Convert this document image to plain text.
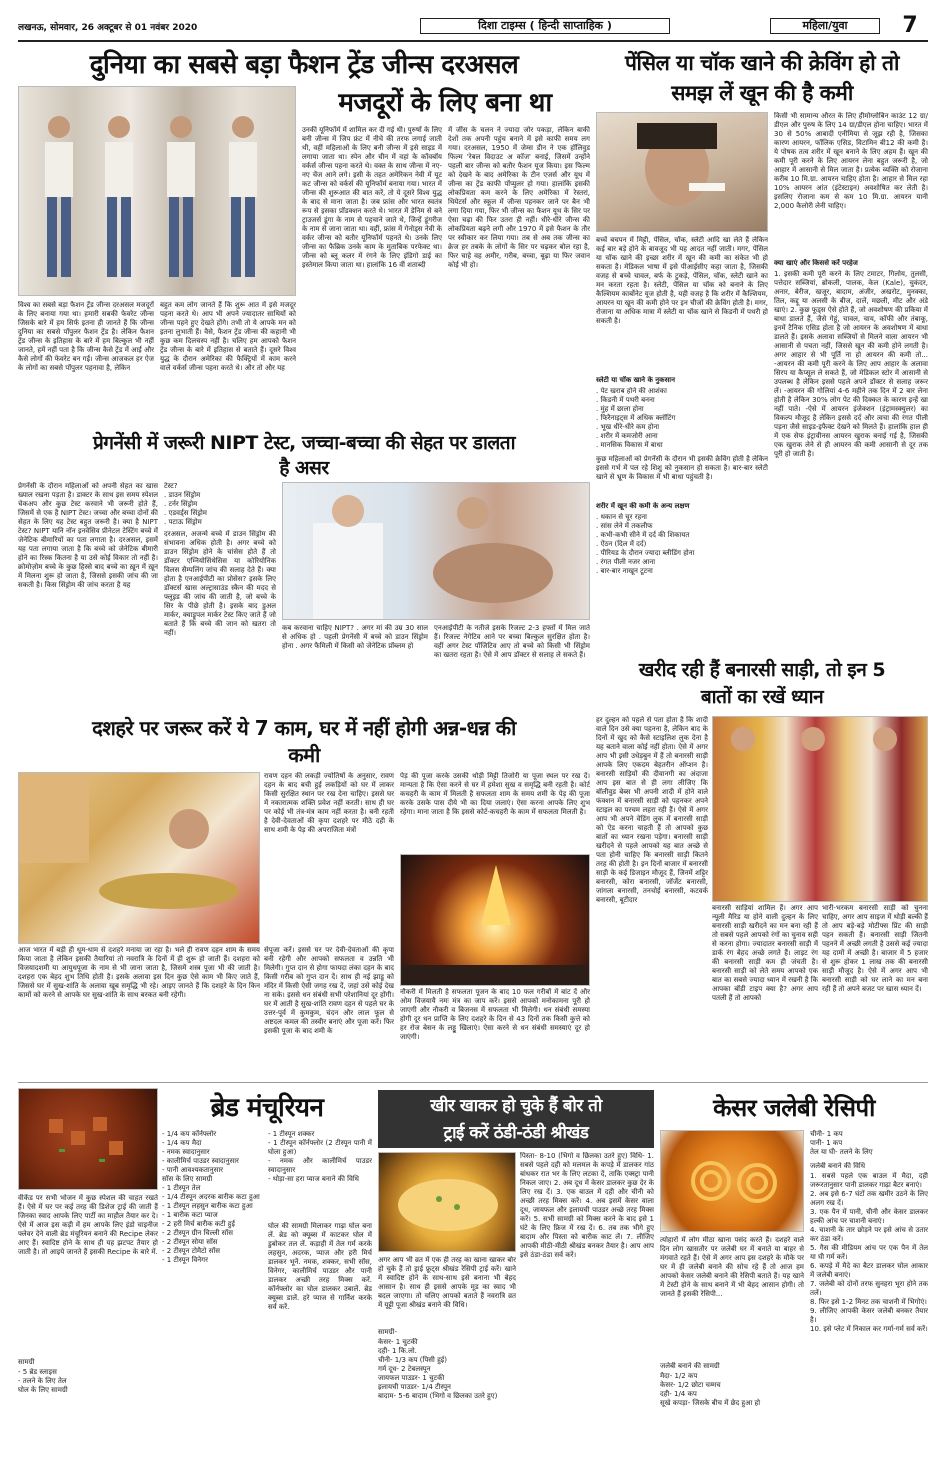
लखनऊ, सोमवार, 26 अक्टूबर से 01 नवंबर 2020	दिशा टाइम्स ( हिन्दी साप्ताहिक )	महिला/युवा	7
दुनिया का सबसे बड़ा फैशन ट्रेंड जीन्स दरअसल
मजदूरों के लिए बना था
विश्व का सबसे बड़ा फैशन ट्रेंड जीन्स दरअसल मजदूरों के लिए बनाया गया था। हमारी सबकी फेवरेट जीन्स जिसके बारे में हम सिर्फ इतना ही जानते हैं कि जीन्स दुनिया का सबसे पॉपुलर फैशन ट्रेंड है। लेकिन फैशन ट्रेंड जीन्स के इतिहास के बारे में हम बिल्कुल भी नहीं जानते, हमें नहीं पता है कि जीन्स कैसे ट्रेंड में आई और कैसे लोगों की फेवरेट बन गई। जीन्स आजकल हर ऐज के लोगों का सबसे पॉपुलर पहनावा है, लेकिन
बहुत कम लोग जानते हैं कि शुरू आत में इसे मजदूर पहना करते थे। आप भी अपने ज्यादातर साथियों को जीन्स पहने हुए देखते होंगे। तभी तो ये आपके मन को इतना लुभाती हैं। वैसे, फैशन ट्रेंड जीन्स की कहानी भी कुछ कम दिलचस्प नहीं है। चलिए हम आपको फैशन ट्रेंड जीन्स के बारे में इतिहास से बताते हैं। दूसरे विश्व युद्ध के दौरान अमेरिका की फैक्ट्रियों में काम करने वाले वर्कर्स जीन्स पहना करते थे। और तो और यह
उनकी यूनिफॉर्म में शामिल कर दी गई थी। पुरुषों के लिए बनी जीन्स में जिप फ्रंट में नीचे की तरफ लगाई जाती थी, वहीं महिलाओं के लिए बनी जीन्स में इसे साइड में लगाया जाता था। स्पेन और चीन में वहां के कॉवबॉय वर्कर्स जीन्स पहना करते थे। वक्त के साथ जीन्स में नए-नए चेंज आने लगे। इसी के तहत अमेरिकन नेवी में यूट कट जीन्स को वर्कर्स की यूनिफॉर्म बनाया गया। भारत में जीन्स की शुरूआत की बात करें, तो ये दूसरे विश्व युद्ध के बाद से माना जाता है। जब फ्रांस और भारत स्वतंत्र रूप से इसका प्रॉडक्शन करते थे। भारत में डेनिम से बने ट्राउजर्स डूंगा के नाम से पहचाने जाते थे, जिन्हें डूंगरीज के नाम से जाना जाता था। वहीं, फ्रांस में गेनोड्स नेवी के वर्कर जीन्स को बतौर यूनिफॉर्म पहनते थे। उनके लिए जीन्स का फैब्रिक उनके काम के मुताबिक परफेक्ट था। जीन्स को ब्लू कलर में रंगने के लिए इंडिगो डाई का इस्तेमाल किया जाता था। हालांकि 16 वीं शताब्दी
में जींस के चलन ने ज्यादा जोर पकड़ा, लेकिन बाकी देशों तक अपनी पहुंच बनाने में इसे काफी समय लग गया। दरअसल, 1950 में जेम्स डीन ने एक हॉलिवुड फिल्म 'रेबल विदाउट अ कॉज' बनाई, जिसमें उन्होंने पहली बार जीन्स को बतौर फैशन यूज किया। इस फिल्म को देखने के बाद अमेरिका के टीन एजर्स और यूथ में जीन्स का ट्रेंड काफी पॉप्युलर हो गया। हालांकि इसकी लोकप्रियता कम करने के लिए अमेरिका में रेस्तरां, थियेटर्स और स्कूल में जीन्स पहनकर जाने पर बैन भी लगा दिया गया, फिर भी जीन्स का फैशन यूथ के सिर पर ऐसा चढ़ा की फिर उतरा ही नहीं। धीरे-धीरे जीन्स की लोकप्रियता बढ़ने लगी और 1970 में इसे फैशन के तौर पर स्वीकार कर लिया गया। तब से अब तक जीन्स का क्रेज हर तबके के लोगों के सिर पर चढ़कर बोल रहा है, फिर चाहे वह अमीर, गरीब, बच्चा, बूढ़ा या फिर जवान कोई भी हो।
पेंसिल या चॉक खाने की क्रेविंग हो तो
समझ लें खून की है कमी
बच्चें बचपन में मिट्टी, पेंसिल, चॉक, स्लेटी आदि खा लेते हैं लेकिन कई बार बड़े होने के बावजूद भी यह आदत नहीं जाती। मगर, पेंसिल या चॉक खाने की इच्छा शरीर में खून की कमी का संकेत भी हो सकता है। मेडिकल भाषा में इसे पीआईसीए कहा जाता है, जिसकी वजह से बच्चे चावल, बर्फ के टुकड़े, पेंसिल, चॉक, स्लेटी खाने का मन करता रहता है। स्लेटी, पेंसिल या चॉक को बनाने के लिए कैल्शियम कार्बोनेट यूज होती है, यही वजह है कि शरीर में कैल्शियम, आयरन या खून की कमी होने पर इन चीजों की क्रेविंग होती है। मगर, रोजाना या अधिक मात्रा में स्लेटी या चॉक खाने से किडनी में पथरी हो सकती है।
स्लेटी या चॉक खाने के नुकसान
. पेट खराब होने की आशंका
. किडनी में पथरी बनना
. मुंह में छाला होना
. फिरैनाइट्स में अधिक क्लॉटिंग
. भूख धीरे-धीरे कम होना
. शरीर में कमजोरी आना
. मानसिक विकास में बाधा
कुछ महिलाओं को प्रेगनेंसी के दौरान भी इसकी क्रेविंग होती है लेकिन इससे गर्भ में पल रहे शिशु को नुकसान हो सकता है। बार-बार स्लेटी खाने से भ्रूण के विकास में भी बाधा पहुंचती है।
शरीर में खून की कमी के अन्य लक्षण
. थकान से चूर रहना
. सांस लेने में तकलीफ
. कभी-कभी सीने में दर्द की शिकायत
. ऐंठन (दिल में दर्द)
. पीरियड के दौरान ज्यादा ब्लीडिंग होना
. रंगत पीली नजर आना
. बार-बार नाखून टूटना
किसी भी सामान्य औरत के लिए हीमोग्लोबिन काउंट 12 ग्रा/डीएल और पुरुष के लिए 14 ग्रा/डीएल होना चाहिए। भारत में 30 से 50% आबादी एनीमिया से जूझ रही है, जिसका कारण आयरन, फॉलिक एसिड, विटामिन बी12 की कमी है। ये पोषक तत्व शरीर में खून बनाने के लिए अहम हैं। खून की कमी पूरी करने के लिए आयरन लेना बहुत जरूरी है, जो आहार में आसानी से मिल जाता है। प्रत्येक व्यक्ति को रोजाना करीब 10 मि.ग्रा. आयरन चाहिए होता है। आहार से मिल रहा 10% आयरन आंत (इंटेस्टाइन) अवशोषित कर लेती है। इसलिए रोजाना कम से कम 10 मि.ग्रा. आयरन यानी 2,000 कैलोरी लेनी चाहिए।
क्या खाएं और किससे करें परहेज
1. इसकी कमी पूरी करने के लिए टमाटर, गिलोय, तुलसी, पत्तेदार सब्जियां, ब्रोकली, पालक, केल (Kale), चुकंदर, अनार, बेरीज, खजूर, बादाम, अंजीर, अखरोट, मुनक्का, तिल, कद्दू या अलसी के बीज, दालें, मछली, मीट और अंडे खाएं। 2. कुछ फूड्स ऐसे होते हैं, जो अवशोषण की प्रकिया में बाधा डालते हैं, जैसे गेहूं, चावल, चाय, कॉफी और तंबाकू, इनमें टैनिक एसिड होता है जो आयरन के अवशोषण में बाधा डालते हैं। इसके अलावा सब्जियों से मिलने वाला आयरन भी आसानी से पचता नहीं, जिससे खून की कमी होने लगती है। अगर आहार से भी पूर्ति ना हो आयरन की कमी तो... -आयरन की कमी पूरी करने के लिए आप आहार के अलावा सिरप या कैप्सूल ले सकते हैं, जो मेडिकल स्टोर में आसानी से उपलब्ध है लेकिन इससे पहले अपने डॉक्टर से सलाह जरूर लें। -आयरन की गोलियां 4-6 महीने तक दिन में 2 बार लेना होती है लेकिन 30% लोग पेट की दिक्कत के कारण इन्हें खा नहीं पाते। -ऐसे में आयरन इंजेक्शन (इंट्रामस्क्युलर) का विकल्प मौजूद है लेकिन इससे दर्द और त्वचा की रंगत पीली पड़ना जैसे साइड-इफैक्ट देखने को मिलते हैं। हालांकि हाल ही में एक सेफ इंट्रावीनस आयरन खुराक बनाई गई है, जिसकी एक खुराक लेने से ही आयरन की कमी आसानी से दूर तक पूरी हो जाती है।
प्रेगनेंसी में जरूरी NIPT टेस्ट, जच्चा-बच्चा की सेहत पर डालता
है असर
प्रेगनेंसी के दौरान महिलाओं को अपनी सेहत का खास ख्याल रखना पड़ता है। डाक्टर के साथ इस समय स्पेशल चेकअप और कुछ टेस्ट करवाने भी जरूरी होते हैं, जिसमें से एक है NIPT टेस्ट। जच्चा और बच्चा दोनों की सेहत के लिए यह टेस्ट बहुत जरूरी है। क्या है NIPT टेस्ट? NIPT यानि नॉन इनवेसिव प्रीनेटल टेस्टिंग बच्चे में जेनेटिक बीमारियों का पता लगाता है। दरअसल, इसमें यह पता लगाया जाता है कि बच्चे को जेनेटिक बीमारी होने का रिस्क कितना है या उसे कोई विकार तो नहीं है। क्रोमोज़ोम बच्चे के कुछ हिस्से बाद बच्चे का ख़ून में ख़ून में मिलना शुरू हो जाता है, जिससे इसकी जांच की जा सकती है। किस सिंड्रोम की जांच करता है यह
टेस्ट?
. डाउन सिंड्रोम
. टर्नर सिंड्रोम
. एडवर्ड्स सिंड्रोम
. पटाऊ सिंड्रोम
दरअसल, अजन्मे बच्चे में डाउन सिंड्रोम की संभावना अधिक होती है। अगर बच्चे को डाउन सिंड्रोम होने के चांसेस होते हैं तो डॉक्टर एम्नियोसिंथेसिस या कोरियोनिक विलस सैम्पलिंग जांच की सलाह देते हैं। क्या होता है एनआईपीटी का प्रोसेस? इसके लिए डॉक्टर्स खास अल्ट्रासाउंड स्कैन की मदद से फ्लूइड की जांच की जाती है, जो बच्चे के सिर के पीछे होती है। इसके बाद डुअल मार्कर, क्वाड्रूपल मार्कर टेस्ट किए जाते हैं जो बताते हैं कि बच्चे की जान को खतरा तो नहीं।
कब करवाना चाहिए NIPT? . अगर मां की उम्र 30 साल से अधिक हो . पहली प्रेगनेंसी में बच्चे को डाउन सिंड्रोम होना . अगर फैमिली में किसी को जेनेटिक प्रॉब्लम हो
एनआईपीटी के नतीजे इसके रिजल्ट 2-3 हफ्तों में मिल जाते हैं। रिजल्ट नेगेटिव आने पर बच्चा बिल्कुल सुरक्षित होता है। वहीं अगर टेस्ट पॉजिटिव आए तो बच्चे को किसी भी सिंड्रोम का खतरा रहता है। ऐसे में आप डॉक्टर से सलाह ले सकते हैं।
खरीद रही हैं बनारसी साड़ी, तो इन 5
बातों का रखें ध्यान
हर दुल्हन को पहले से पता होता है कि शादी वाले दिन उसे क्या पहनना है, लेकिन बाद के दिनों में खुद को कैसे स्टाइलिश लुक देना है यह बताने वाला कोई नहीं होता। ऐसे में अगर आप भी इसी उधेड़बुन में हैं तो बनारसी साड़ी आपके लिए एकदम बेहतरीन ऑप्शन है। बनारसी साड़ियों की दीवानगी का अंदाजा आप इस बात से ही लगा लीजिए कि बॉलीवुड बेब्स भी अपनी शादी में होने वाले फंक्शन में बनारसी साड़ी को पहनकर अपने स्टाइल का परचम लहरा रही हैं। ऐसे में अगर आप भी अपने वेडिंग लुक में बनारसी साड़ी को ऐड करना चाहती हैं तो आपको कुछ बातों का ध्यान रखना पड़ेगा। बनारसी साड़ी खरीदने से पहले आपको यह बात अच्छे से पता होनी चाहिए कि बनारसी साड़ी कितने तरह की होती है। इन दिनों बाजार में बनारसी साड़ी के कई डिजाइन मौजूद हैं, जिनमें शट्टिर बनारसी, कोरा बनारसी, जॉर्जेट बनारसी, जांगला बनारसी, तनचोई बनारसी, कटवर्क बनारसी, बूटीदार
बनारसी साड़ियां शामिल हैं। अगर आप न्यूली मैरिड या होने वाली दुल्हन के लिए बनारसी साड़ी खरीदने का मन बना रही हैं तो सबसे पहले आपको रंगों का चुनाव सही से करना होगा। ज्यादातर बनारसी साड़ी में डार्क रंग बेहद अच्छे लगते हैं। लाइट रंग की बनारसी साड़ी कम ही जंचती है। बनारसी साड़ी को लेते समय आपको एक बात का सबसे ज्यादा ध्यान में रखनी है कि आपका बॉडी टाइप क्या है? अगर आप पतली हैं तो आपको
भारी-भरकम बनारसी साड़ी को चुनना चाहिए, अगर आप साइज में थोड़ी बल्की हैं तो आप बड़े-बड़े मोटीफ्स प्रिंट की साड़ी पहन सकती हैं। बनारसी साड़ी जितनी पहनने में अच्छी लगती है उससे कई ज्यादा यह दामों में अच्छी है। बाजार में 5 हजार से शुरू होकर 1 लाख तक की बनारसी साड़ी मौजूद है। ऐसे में अगर आप भी बनारसी साड़ी को घर लाने का मन बना रही हैं तो अपने बजट पर खास ध्यान दें।
दशहरे पर जरूर करें ये 7 काम, घर में नहीं होगी अन्न-धन्न की
कमी
रावण दहन की लकड़ी ज्योतिषों के अनुसार, रावण दहन के बाद बची हुई लकड़ियों को घर में लाकर किसी सुरक्षित स्थान पर रख देना चाहिए। इससे घर में नकारात्मक शक्ति प्रवेश नहीं करती। साथ ही घर पर कोई भी तंत्र-मंत्र काम नहीं करता है। बनी रहती है देवी-देवताओं की कृपा दशहरे पर मीठे दही के साथ शमी के पेड़ की अपराजिता मंत्रों
आज भारत में बड़ी ही धूम-धाम से दशहरे मनाया जा रहा है। भले ही रावण दहन शाम के समय किया जाता है लेकिन इसकी तैयारियां तो नवरात्रि के दिनों में ही शुरू हो जाती हैं। दशहरा को विजयादशमी या आयुधपूजा के नाम से भी जाना जाता है, जिसमें शस्त्र पूजा भी की जाती है। दशहरा एक बेहद शुभ तिथि होती है। इसके अलावा इस दिन कुछ ऐसे काम भी किए जाते हैं, जिससे घर में सुख-शांति के अलावा खूब समृद्धि भी रहे। आइए जानते हैं कि दशहरे के दिन किन कामों को करने से आपके घर सुख-शांति के साथ बरकत बनी रहेगी।
सेपूजा करें। इससे घर पर देवी-देवताओं की कृपा बनी रहेगी और आपको सफलता व उन्नति भी मिलेगी। गुप्त दान से होगा फायदा लंका दहन के बाद किसी गरीब को गुप्त दान दें। साथ ही नई झाडू को मंदिर में किसी ऐसी जगह रख दें, जहां उसे कोई देख ना सके। इससे धन संबंधी सभी परेशानियां दूर होंगी। घर में आती है सुख-शांति रावण दहन से पहले घर के उत्तर-पूर्व में कुमकुम, चंदन और लाल फूल से अष्टदल कमल की तस्वीर बनाएं और पूजा करें। फिर इसकी पूजा के बाद शमी के
पेड़ की पूजा करके उसकी थोड़ी मिट्टी तिजोरी या पूजा स्थल पर रख दें। मान्यता है कि ऐसा करने से घर में हमेशा सुख व समृद्धि बनी रहती है। कोर्ट कचहरी के काम में मिलती है सफलता शाम के समय शमी के पेड़ की पूजा करके उसके पास दीये भी का दिया जलाएं। ऐसा करना आपके लिए शुभ रहेगा। माना जाता है कि इससे कोर्ट-कचहरी के काम में सफलता मिलती है।
नौकरी में मिलती है सफलता पूजन के बाद 10 फल गरीबों में बांट दें और ओम विजयायै नमः मंत्र का जाप करें। इससे आपको मनोकामना पूरी हो जाएगी और नौकरी व बिजनस में सफलता भी मिलेगी। धन संबंधी समस्या होगी दूर धन प्राप्ति के लिए दशहरे के दिन से 43 दिनों तक किसी कुत्ते को हर रोज बेसन के लड्डू खिलाएं। ऐसा करने से धन संबंधी समस्याएं दूर हो जाएंगी।
ब्रेड मंचूरियन
वीकेंड पर सभी भोजन में कुछ स्पेशल की चाहत रखते हैं। ऐसे में घर पर कई तरह की डिशेज ट्राई की जाती हैं जिनका स्वाद आपके लिए पार्टी का माहौल तैयार कर दे। ऐसे में आज इस कड़ी में हम आपके लिए इंडो चाइनीज फ्लेवर देने वाली ब्रेड मंचूरियन बनाने की Recipe लेकर आए हैं। स्वादिष्ट होने के साथ ही यह झटपट तैयार हो जाती है। तो आइये जानते हैं इसकी Recipe के बारे में.
सामग्री
- 5 ब्रेड स्लाइस
- तलने के लिए तेल
घोल के लिए सामग्री
- 1/4 कप कॉर्नफ्लोर
- 1/4 कप मैदा
- नमक स्वादानुसार
- कालीमिर्च पाउडर स्वादानुसार
- पानी आवश्यकतानुसार
सॉस के लिए सामग्री
- 1 टीस्पून तेल
- 1/4 टीस्पून अदरक बारीक कटा हुआ
- 1 टीस्पून लहसुन बारीक कटा हुआ
- 1 बारीक कटा प्याज
- 2 हरी मिर्च बारीक कटी हुई
- 2 टीस्पून ग्रीन चिल्ली सॉस
- 2 टीस्पून सोया सॉस
- 2 टीस्पून टोमैटो सॉस
- 1 टीस्पून विनेगर
- 1 टीस्पून शक्कर
- 1 टीस्पून कॉर्नफ्लोर (2 टीस्पून पानी में घोला हुआ)
- नमक और कालीमिर्च पाउडर स्वादानुसार
- थोड़ा-सा हरा प्याज बनाने की विधि
घोल की सामग्री मिलाकर गाढ़ा घोल बना लें. ब्रेड को क्यूब्स में काटकर घोल में डुबोकर तल लें. कड़ाही में तेल गर्म करके लहसुन, अदरक, प्याज और हरी मिर्च डालकर भूनें. नमक, शक्कर, सभी सॉस, विनेगर, कालीमिर्च पाउडर और पानी डालकर अच्छी तरह मिक्स करें. कॉर्नफ्लोर का घोल डालकर उबालें. ब्रेड क्यूब्स डालें. हरे प्याज से गार्निश करके सर्व करें.
खीर खाकर हो चुके हैं बोर तो
ट्राई करें ठंडी-ठंडी श्रीखंड
अगर आप भी व्रत में एक ही तरह का खाना खाकर बोर हो चुके हैं तो ड्राई फ्रूट्स श्रीखंड रेसिपी ट्राई करें। खाने में स्वादिष्ट होने के साथ-साथ इसे बनाना भी बेहद आसान है। साथ ही इससे आपके मूड का स्वाद भी बदल जाएगा। तो चलिए आपको बताते हैं नवरात्रि व्रत में यूट्टी पूजा श्रीखंड बनाने की विधि।
सामग्री-
केसर- 1 चुटकी
दही- 1 कि.लो.
चीनी- 1/3 कप (पिसी हुई)
गर्म दूध- 2 टेबलस्पून
जायफल पाउडर- 1 चुटकी
इलायची पाउडर- 1/4 टीस्पून
बादाम- 5-6 बादाम (भिगो व छिलका उतरे हुए)
पिस्ता- 8-10 (भिगो व छिलका उतरे हुए) विधि- 1. सबसे पहले दही को मलमल के कपड़े में डालकर गांठ बांधकर रात भर के लिए लटका दें, ताकि एक्स्ट्रा पानी निकल जाए। 2. अब दूध में केसर डालकर कुछ देर के लिए रख दें। 3. एक बाउल में दही और चीनी को अच्छी तरह मिक्स करें। 4. अब इसमें केसर वाला दूध, जायफल और इलायची पाउडर अच्छे तरह मिक्स करें। 5. सभी सामग्री को मिक्स करने के बाद इसे 1 घंटे के लिए फ्रिज में रख दें। 6. तब तक भीगे हुए बादाम और पिस्ता को बारीक काट लें। 7. लीजिए आपकी मीठी-मीठी श्रीखंड बनकर तैयार है। आप आप इसे ठंडा-ठंडा सर्व करें।
केसर जलेबी रेसिपी
चीनी- 1 कप
पानी- 1 कप
तेल या घी- तलने के लिए
जलेबी बनाने की विधि
1. सबसे पहले एक बाउल में मैदा, दही जरूरतानुसार पानी डालकर गाढ़ा बैटर बनाएं।
2. अब इसे 6-7 घंटों तक खमीर उठने के लिए अलग रख दें।
3. एक पैन में पानी, चीनी और केसर डालकर हल्की आंच पर चाशनी बनाएं।
4. चाशनी के तार छोड़ने पर इसे आंच से उतार कर ठंडा करें।
5. गैस की मीडियम आंच पर एक पैन में तेल या घी गर्म करें।
6. कपड़े में मैदे का बैटर डालकर घोल आकार में जलेबी बनाएं।
7. जलेबी को दोनों तरफ सुनहरा भूरा होने तक तलें।
8. फिर इसे 1-2 मिनट तक चाशनी में भिगोएं।
9. लीजिए आपकी केसर जलेबी बनकर तैयार है।
10. इसे प्लेट में निकाल कर गर्मा-गर्म सर्व करें।
त्योहारों में लोग मीठा खाना पसंद करते हैं। दशहरे वाले दिन लोग खासतौर पर जलेबी घर में बनाते या बाहर से मंगवाते रहते हैं। ऐसे में अगर आप इस दशहरे के मौके पर घर में ही जलेबी बनाने की सोच रहे हैं तो आज हम आपको केसर जलेबी बनाने की रेसिपी बताते हैं। यह खाने में टेस्टी होने के साथ बनाने में भी बेहद आसान होगी। तो जानते हैं इसकी रेसिपी...
जलेबी बनाने की सामग्री
मैदा- 1/2 कप
केसर- 1/2 छोटा चम्मच
दही- 1/4 कप
सूखे कपड़ा- जिसके बीच में छेद हुआ हो
